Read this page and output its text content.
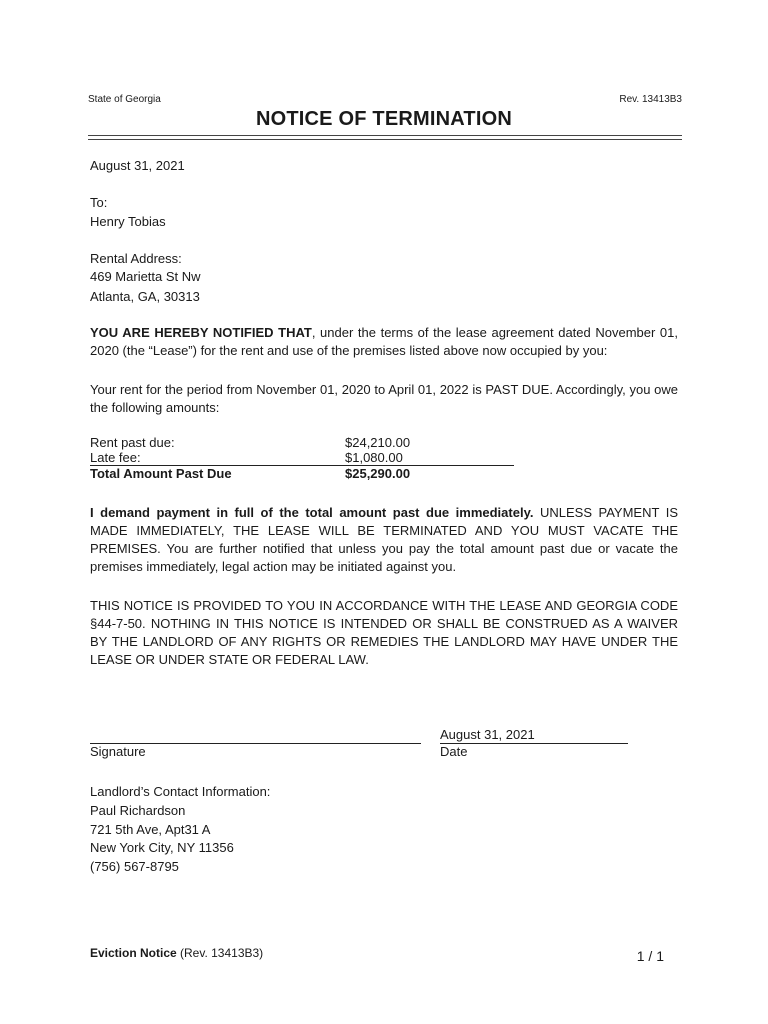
State of Georgia	Rev. 13413B3
NOTICE OF TERMINATION
August 31, 2021
To:
Henry Tobias
Rental Address:
469 Marietta St Nw
Atlanta, GA, 30313
YOU ARE HEREBY NOTIFIED THAT, under the terms of the lease agreement dated November 01, 2020 (the “Lease”) for the rent and use of the premises listed above now occupied by you:
Your rent for the period from November 01, 2020 to April 01, 2022 is PAST DUE. Accordingly, you owe the following amounts:
Rent past due:	$24,210.00
Late fee:	$1,080.00
Total Amount Past Due	$25,290.00
I demand payment in full of the total amount past due immediately. UNLESS PAYMENT IS MADE IMMEDIATELY, THE LEASE WILL BE TERMINATED AND YOU MUST VACATE THE PREMISES. You are further notified that unless you pay the total amount past due or vacate the premises immediately, legal action may be initiated against you.
THIS NOTICE IS PROVIDED TO YOU IN ACCORDANCE WITH THE LEASE AND GEORGIA CODE §44-7-50. NOTHING IN THIS NOTICE IS INTENDED OR SHALL BE CONSTRUED AS A WAIVER BY THE LANDLORD OF ANY RIGHTS OR REMEDIES THE LANDLORD MAY HAVE UNDER THE LEASE OR UNDER STATE OR FEDERAL LAW.
August 31, 2021
Signature	Date
Landlord’s Contact Information:
Paul Richardson
721 5th Ave, Apt31 A
New York City, NY 11356
(756) 567-8795
Eviction Notice (Rev. 13413B3)	1 / 1
